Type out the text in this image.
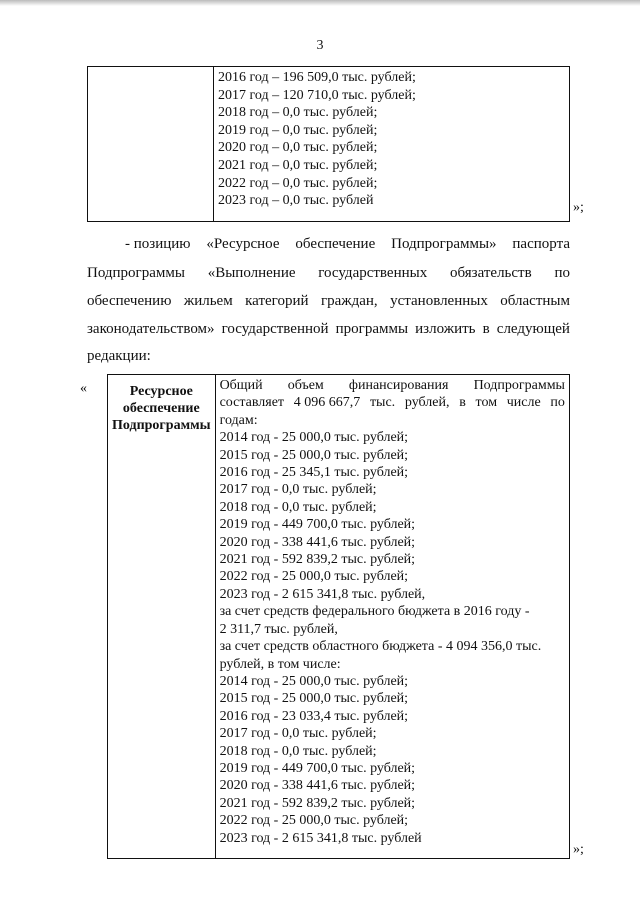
3

2016 год – 196 509,0 тыс. рублей;
2017 год – 120 710,0 тыс. рублей;
2018 год – 0,0 тыс. рублей;
2019 год – 0,0 тыс. рублей;
2020 год – 0,0 тыс. рублей;
2021 год – 0,0 тыс. рублей;
2022 год – 0,0 тыс. рублей;
2023 год – 0,0 тыс. рублей	»;
- позицию «Ресурсное обеспечение Подпрограммы» паспорта
Подпрограммы «Выполнение государственных обязательств по
обеспечению жильем категорий граждан, установленных областным
законодательством» государственной программы изложить в следующей
редакции:
«	Ресурсное обеспечение Подпрограммы	
Общий объем финансирования Подпрограммы
составляет 4 096 667,7 тыс. рублей, в том числе по
годам:
2014 год - 25 000,0 тыс. рублей;
2015 год - 25 000,0 тыс. рублей;
2016 год - 25 345,1 тыс. рублей;
2017 год - 0,0 тыс. рублей;
2018 год - 0,0 тыс. рублей;
2019 год - 449 700,0 тыс. рублей;
2020 год - 338 441,6 тыс. рублей;
2021 год - 592 839,2 тыс. рублей;
2022 год - 25 000,0 тыс. рублей;
2023 год - 2 615 341,8 тыс. рублей,
за счет средств федерального бюджета в 2016 году -
2 311,7 тыс. рублей,
за счет средств областного бюджета - 4 094 356,0 тыс.
рублей, в том числе:
2014 год - 25 000,0 тыс. рублей;
2015 год - 25 000,0 тыс. рублей;
2016 год - 23 033,4 тыс. рублей;
2017 год - 0,0 тыс. рублей;
2018 год - 0,0 тыс. рублей;
2019 год - 449 700,0 тыс. рублей;
2020 год - 338 441,6 тыс. рублей;
2021 год - 592 839,2 тыс. рублей;
2022 год - 25 000,0 тыс. рублей;
2023 год - 2 615 341,8 тыс. рублей
»;
